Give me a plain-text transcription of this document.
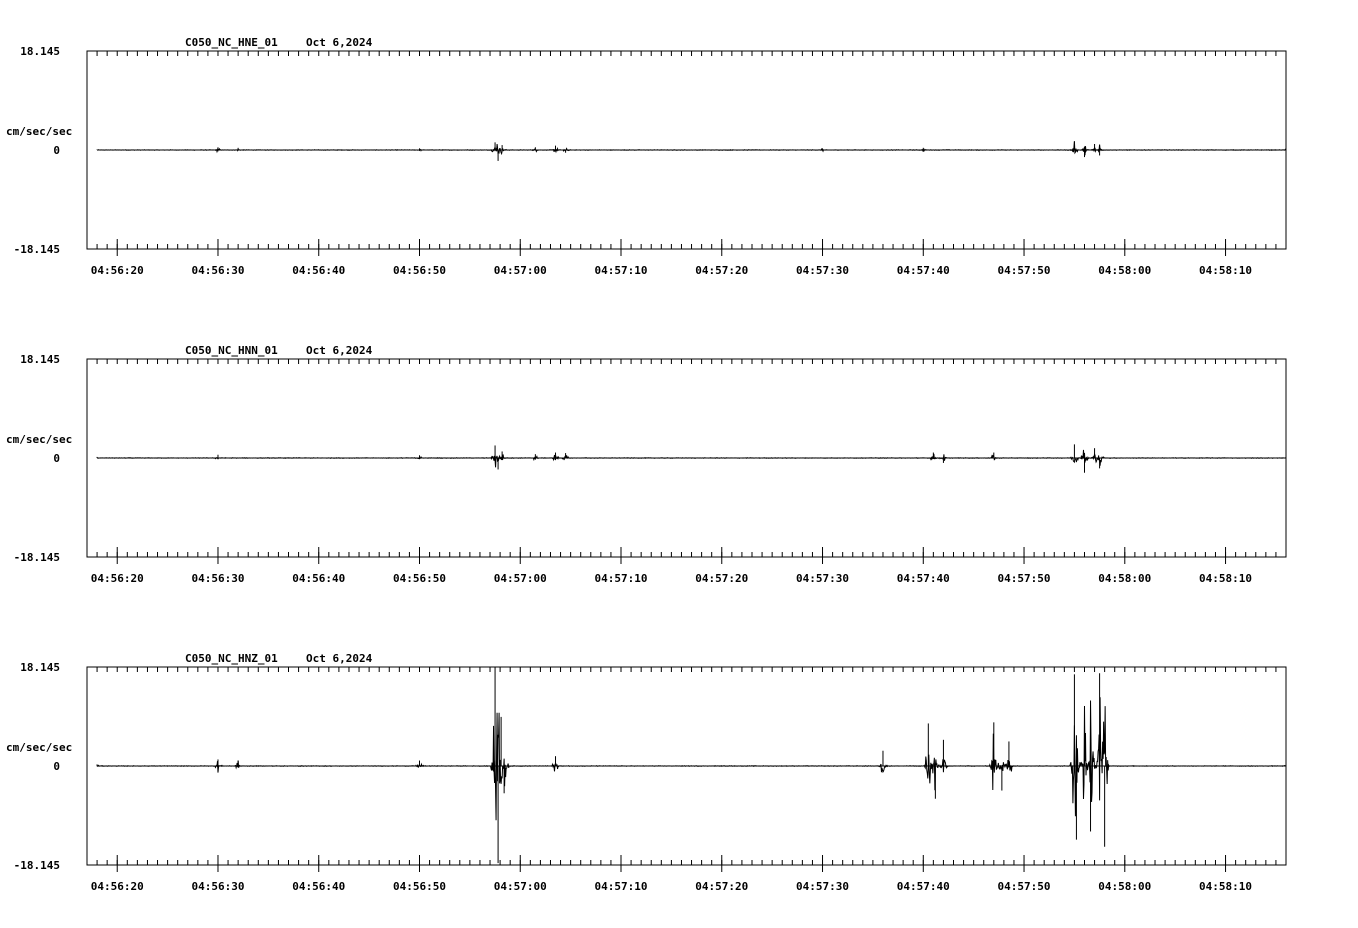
C050_NC_HNE_01	Oct 6,2024
18.145
0
-18.145
cm/sec/sec
04:56:20	04:56:30	04:56:40	04:56:50	04:57:00	04:57:10	04:57:20	04:57:30	04:57:40	04:57:50	04:58:00	04:58:10
C050_NC_HNN_01	Oct 6,2024
18.145
0
-18.145
cm/sec/sec
04:56:20	04:56:30	04:56:40	04:56:50	04:57:00	04:57:10	04:57:20	04:57:30	04:57:40	04:57:50	04:58:00	04:58:10
C050_NC_HNZ_01	Oct 6,2024
18.145
0
-18.145
cm/sec/sec
04:56:20	04:56:30	04:56:40	04:56:50	04:57:00	04:57:10	04:57:20	04:57:30	04:57:40	04:57:50	04:58:00	04:58:10
